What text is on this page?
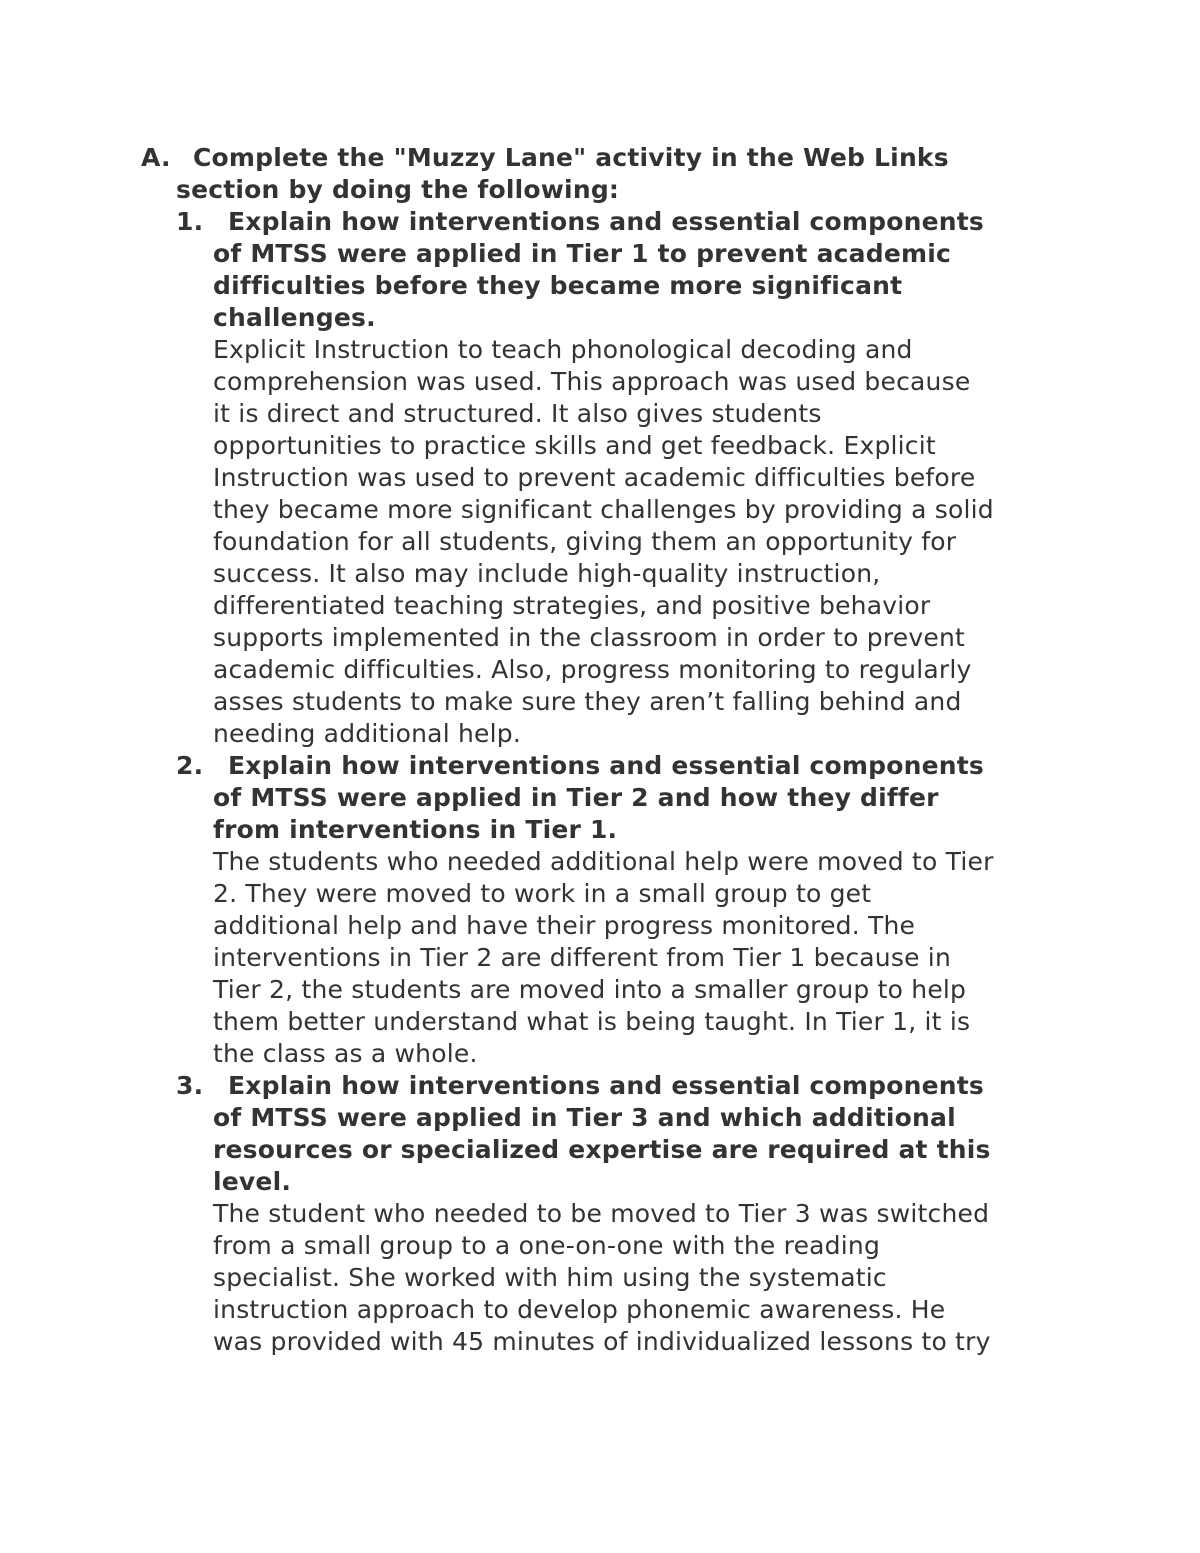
A. Complete the "Muzzy Lane" activity in the Web Links
section by doing the following:
1. Explain how interventions and essential components
of MTSS were applied in Tier 1 to prevent academic
difficulties before they became more significant
challenges.
Explicit Instruction to teach phonological decoding and
comprehension was used. This approach was used because
it is direct and structured. It also gives students
opportunities to practice skills and get feedback. Explicit
Instruction was used to prevent academic difficulties before
they became more significant challenges by providing a solid
foundation for all students, giving them an opportunity for
success. It also may include high-quality instruction,
differentiated teaching strategies, and positive behavior
supports implemented in the classroom in order to prevent
academic difficulties. Also, progress monitoring to regularly
asses students to make sure they aren’t falling behind and
needing additional help.
2. Explain how interventions and essential components
of MTSS were applied in Tier 2 and how they differ
from interventions in Tier 1.
The students who needed additional help were moved to Tier
2. They were moved to work in a small group to get
additional help and have their progress monitored. The
interventions in Tier 2 are different from Tier 1 because in
Tier 2, the students are moved into a smaller group to help
them better understand what is being taught. In Tier 1, it is
the class as a whole.
3. Explain how interventions and essential components
of MTSS were applied in Tier 3 and which additional
resources or specialized expertise are required at this
level.
The student who needed to be moved to Tier 3 was switched
from a small group to a one-on-one with the reading
specialist. She worked with him using the systematic
instruction approach to develop phonemic awareness. He
was provided with 45 minutes of individualized lessons to try
